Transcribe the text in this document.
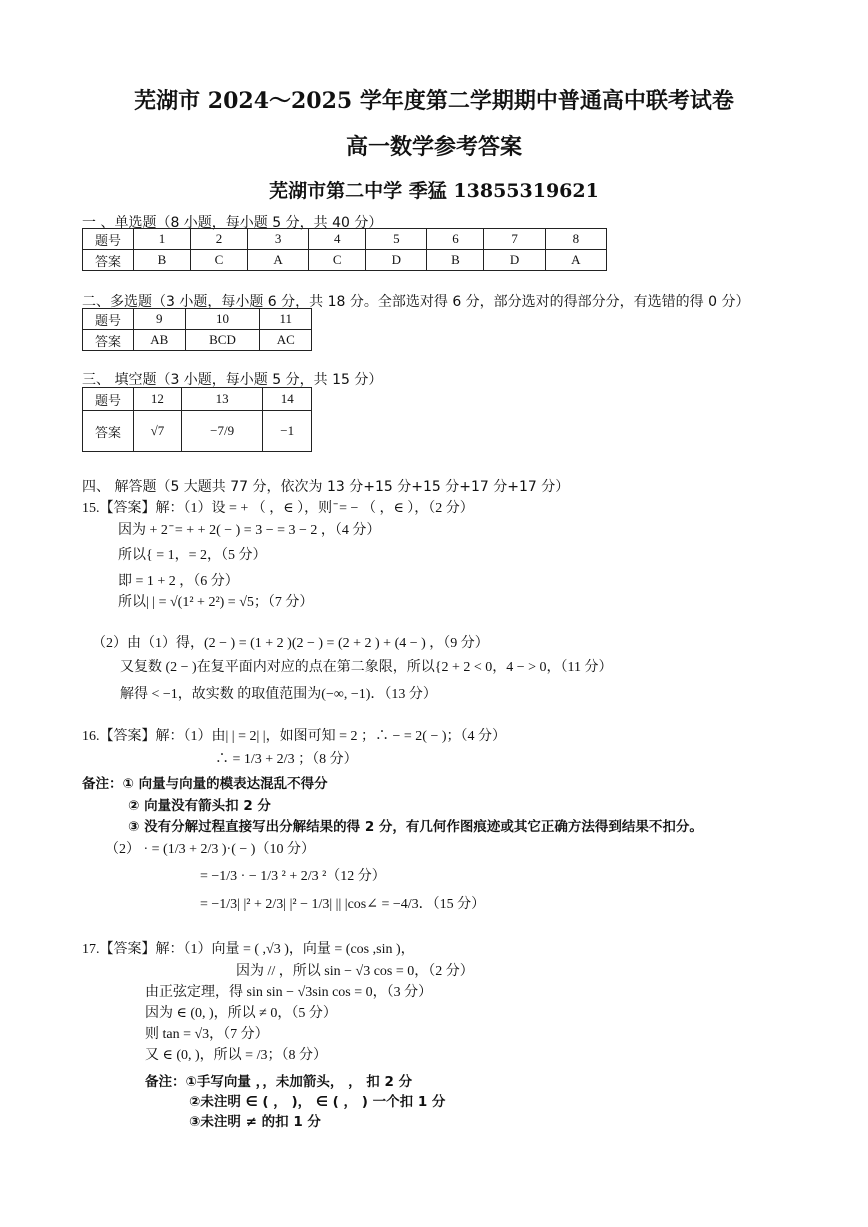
芜湖市 2024～2025 学年度第二学期期中普通高中联考试卷
高一数学参考答案
芜湖市第二中学 季猛 13855319621
一 、单选题（8 小题，每小题 5 分，共 40 分）
题号	1	2	3	4	5	6	7	8
答案	B	C	A	C	D	B	D	A
二、多选题（3 小题，每小题 6 分，共 18 分。全部选对得 6 分，部分选对的得部分分，有选错的得 0 分）
题号	9	10	11
答案	AB	BCD	AC
三、 填空题（3 小题，每小题 5 分，共 15 分）
题号	12	13	14
答案	√7	−7/9	−1
四、 解答题（5 大题共 77 分，依次为 13 分+15 分+15 分+17 分+17 分）
15.【答案】解：（1）设 = + （ ，∈ ），则 ̄ = − （ ，∈ ），（2 分）
因为 + 2 ̄ = + + 2( − ) = 3 − = 3 − 2 ，（4 分）
所以{ = 1，= 2，（5 分）
即 = 1 + 2 ，（6 分）
所以| | = √(1² + 2²) = √5；（7 分）
（2）由（1）得，(2 − ) = (1 + 2 )(2 − ) = (2 + 2 ) + (4 − ) ，（9 分）
又复数 (2 − )在复平面内对应的点在第二象限，所以{2 + 2 < 0，4 − > 0，（11 分）
解得 < −1，故实数 的取值范围为(−∞, −1)．（13 分）
16.【答案】解：（1）由| | = 2| |，如图可知 = 2 ；∴ − = 2( − )；（4 分）
∴ = 1/3 + 2/3 ；（8 分）
备注：① 向量与向量的模表达混乱不得分
② 向量没有箭头扣 2 分
③ 没有分解过程直接写出分解结果的得 2 分，有几何作图痕迹或其它正确方法得到结果不扣分。
（2） · = (1/3 + 2/3 )·( − )（10 分）
= −1/3 · − 1/3 ² + 2/3 ²（12 分）
= −1/3| |² + 2/3| |² − 1/3| || |cos∠ = −4/3．（15 分）
17.【答案】解：（1）向量 = ( ,√3 )，向量 = (cos ,sin )，
因为 // ，所以 sin − √3 cos = 0，（2 分）
由正弦定理，得 sin sin − √3sin cos = 0，（3 分）
因为 ∈ (0, )，所以 ≠ 0，（5 分）
则 tan = √3，（7 分）
又 ∈ (0, )，所以 = /3；（8 分）
备注：①手写向量 ，，未加箭头， ， 扣 2 分
②未注明 ∈ ( ， )， ∈ ( ， ) 一个扣 1 分
③未注明 ≠ 的扣 1 分
